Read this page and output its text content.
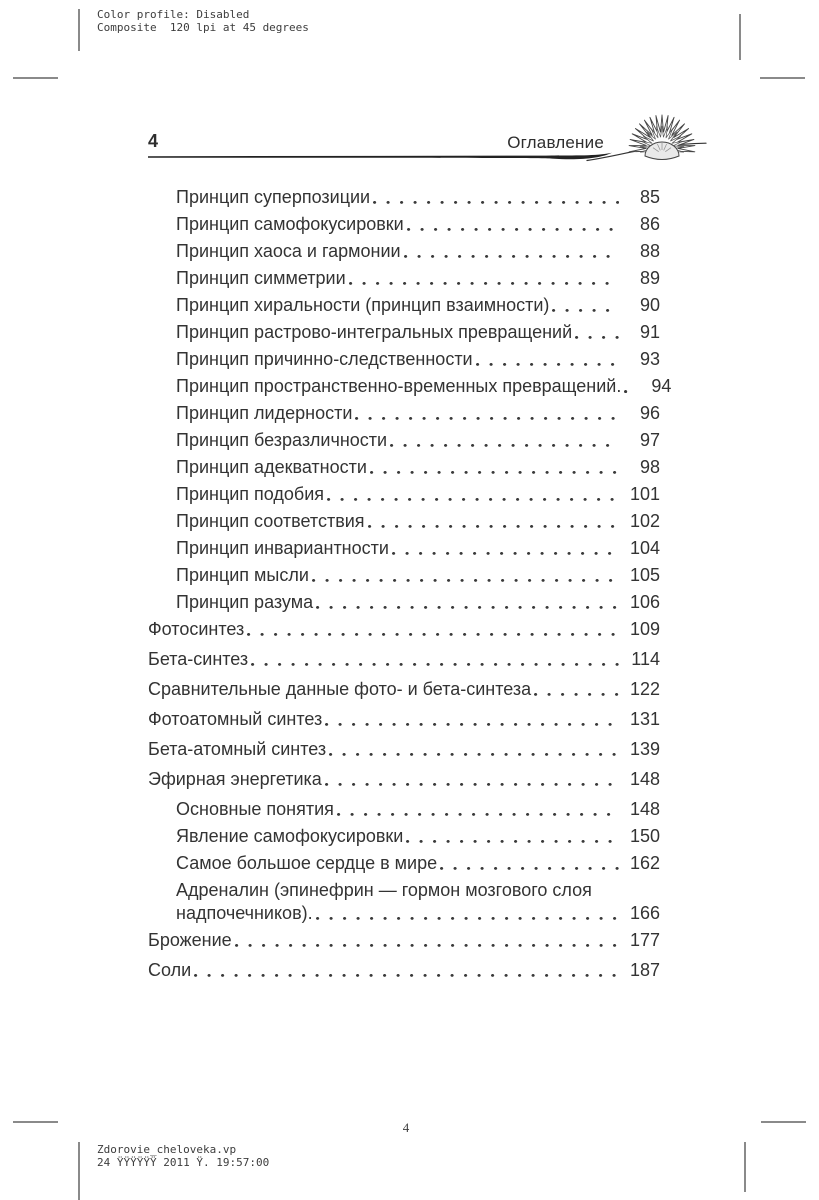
Color profile: Disabled
Composite  120 lpi at 45 degrees
4	Оглавление
Принцип суперпозиции	85
Принцип самофокусировки	86
Принцип хаоса и гармонии	88
Принцип симметрии	89
Принцип хиральности (принцип взаимности)	90
Принцип растрово-интегральных превращений	91
Принцип причинно-следственности	93
Принцип пространственно-временных превращений.	94
Принцип лидерности	96
Принцип безразличности	97
Принцип адекватности	98
Принцип подобия	101
Принцип соответствия	102
Принцип инвариантности	104
Принцип мысли	105
Принцип разума	106
Фотосинтез	109
Бета-синтез	114
Сравнительные данные фото- и бета-синтеза	122
Фотоатомный синтез	131
Бета-атомный синтез	139
Эфирная энергетика	148
Основные понятия	148
Явление самофокусировки	150
Самое большое сердце в мире	162
Адреналин (эпинефрин — гормон мозгового слоя
надпочечников).	166
Брожение	177
Соли	187
4
Zdorovie_cheloveka.vp
24 ŸŸŸŸŸŸ 2011 Ÿ. 19:57:00
